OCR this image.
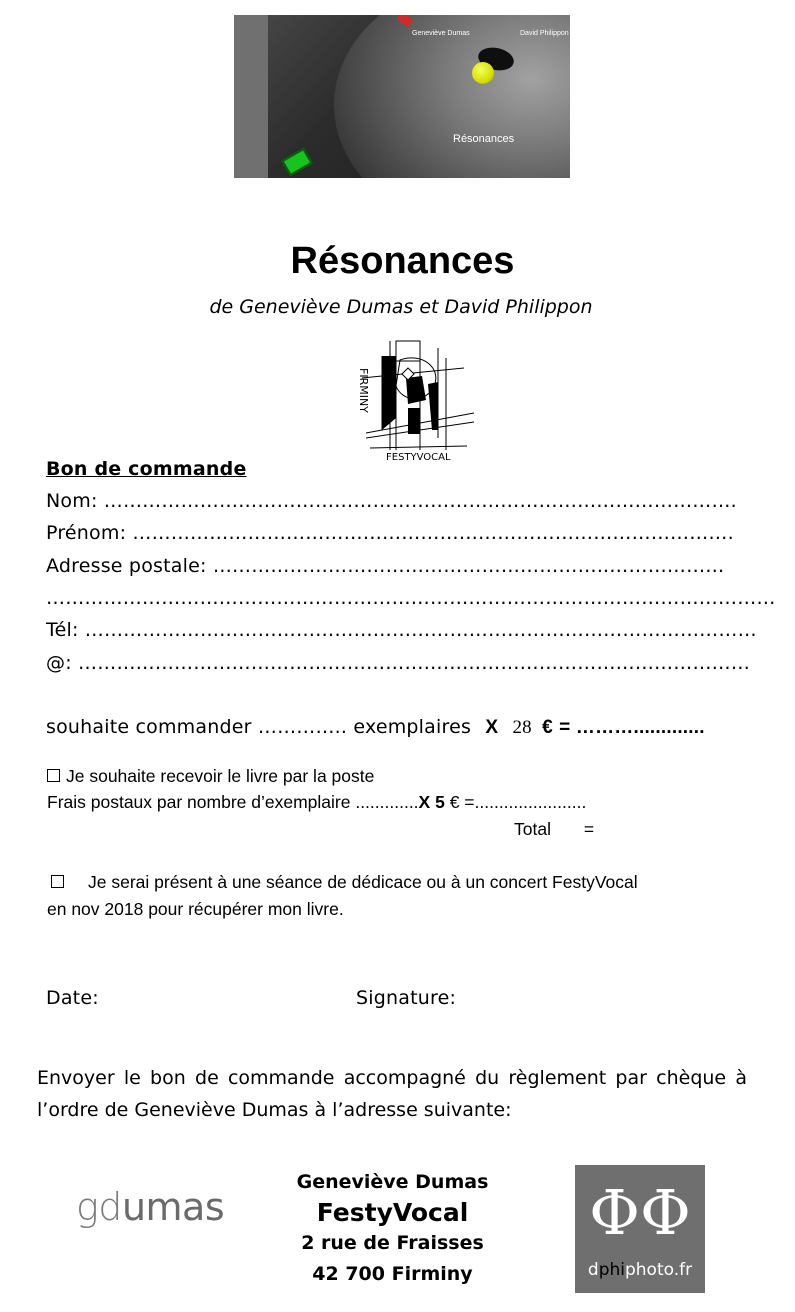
Geneviève Dumas	David Philippon
Résonances
Résonances
de Geneviève Dumas et David Philippon
FIRMINY
FESTYVOCAL
Bon de commande
Nom: ……………………………………………………..……………………………….
Prénom: ………………………………………………………………………………….
Adresse postale: ……………………………………………………..………………
……………………………………………………………………………………………………
Tél: ……………………………………………………………………………………………
@: ……………………………………………………………………………………………
souhaite commander ………….. exemplaires X 28 € = ……….............
Je souhaite recevoir le livre par la poste
Frais postaux par nombre d’exemplaire .............X 5 € =.......................
Total =
Je serai présent à une séance de dédicace ou à un concert FestyVocal
en nov 2018 pour récupérer mon livre.
Date:	Signature:
Envoyer le bon de commande accompagné du règlement par chèque à l’ordre de Geneviève Dumas à l’adresse suivante:
gdumas
Geneviève Dumas
FestyVocal
2 rue de Fraisses
42 700 Firminy
ΦΦ
dphiphoto.fr
